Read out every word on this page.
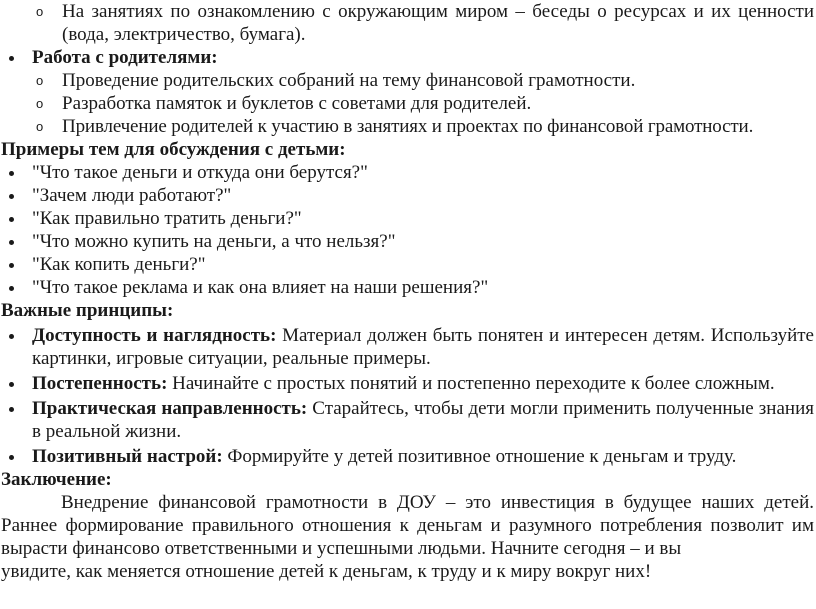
o На занятиях по ознакомлению с окружающим миром – беседы о ресурсах и их ценности (вода, электричество, бумага).
Работа с родителями:
o Проведение родительских собраний на тему финансовой грамотности.
o Разработка памяток и буклетов с советами для родителей.
o Привлечение родителей к участию в занятиях и проектах по финансовой грамотности.
Примеры тем для обсуждения с детьми:
"Что такое деньги и откуда они берутся?"
"Зачем люди работают?"
"Как правильно тратить деньги?"
"Что можно купить на деньги, а что нельзя?"
"Как копить деньги?"
"Что такое реклама и как она влияет на наши решения?"
Важные принципы:
Доступность и наглядность: Материал должен быть понятен и интересен детям. Используйте картинки, игровые ситуации, реальные примеры.
Постепенность: Начинайте с простых понятий и постепенно переходите к более сложным.
Практическая направленность: Старайтесь, чтобы дети могли применить полученные знания в реальной жизни.
Позитивный настрой: Формируйте у детей позитивное отношение к деньгам и труду.
Заключение:
Внедрение финансовой грамотности в ДОУ – это инвестиция в будущее наших детей. Раннее формирование правильного отношения к деньгам и разумного потребления позволит им вырасти финансово ответственными и успешными людьми. Начните сегодня – и вы
увидите, как меняется отношение детей к деньгам, к труду и к миру вокруг них!
